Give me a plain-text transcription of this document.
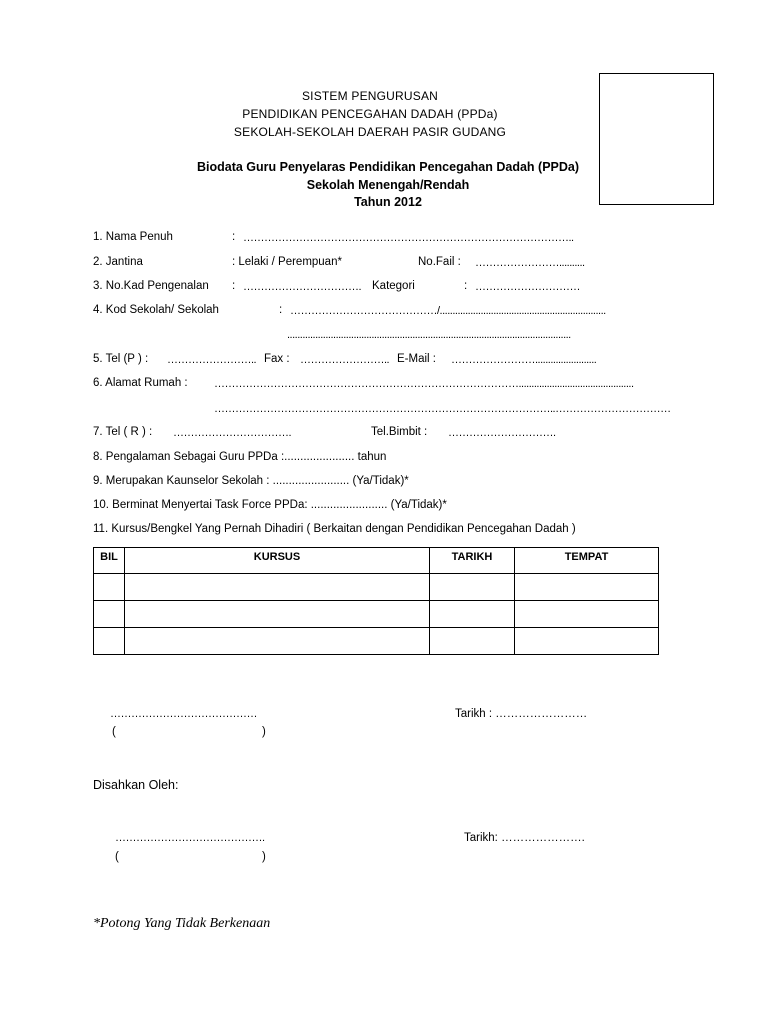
SISTEM PENGURUSAN
PENDIDIKAN PENCEGAHAN DADAH (PPDa)
SEKOLAH-SEKOLAH DAERAH PASIR GUDANG
Biodata Guru Penyelaras Pendidikan Pencegahan Dadah (PPDa)
Sekolah Menengah/Rendah
Tahun 2012
1. Nama Penuh	: …………………………………………………………………………………..
2. Jantina	: Lelaki / Perempuan*	No.Fail : ……………………..........
3. No.Kad Pengenalan : ……………………………. Kategori	: …………………………
4. Kod Sekolah/ Sekolah	: ……………………………………/.................................................................
...............................................................................................................
5. Tel (P ) : …………………….. Fax : …………………….. E-Mail : ……………………........................
6. Alamat Rumah : …………………………………………………………………………….............................................
……………………………………………………………………………………..……………………………
7. Tel ( R ) : …………………………….	Tel.Bimbit : ………………………….
8. Pengalaman Sebagai Guru PPDa :...................... tahun
9. Merupakan Kaunselor Sekolah : ........................ (Ya/Tidak)*
10. Berminat Menyertai Task Force PPDa: ........................ (Ya/Tidak)*
11. Kursus/Bengkel Yang Pernah Dihadiri ( Berkaitan dengan Pendidikan Pencegahan Dadah )
BIL	KURSUS	TARIKH	TEMPAT

……………………………………
(	)
Tarikh : ……………………
Disahkan Oleh:
…………………………………….
(	)
Tarikh: ………………….
*Potong Yang Tidak Berkenaan
